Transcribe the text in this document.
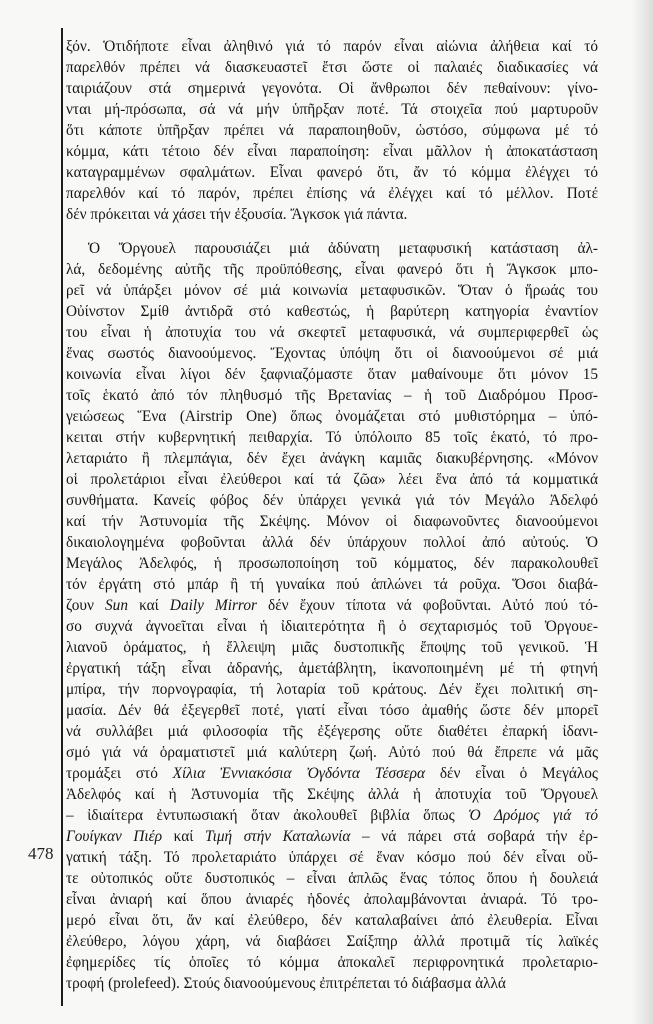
ξόν. Ὁτιδήποτε εἶναι ἀληθινό γιά τό παρόν εἶναι αἰώνια ἀλήθεια καί τό
παρελθόν πρέπει νά διασκευαστεῖ ἔτσι ὥστε οἱ παλαιές διαδικασίες νά
ταιριάζουν στά σημερινά γεγονότα. Οἱ ἄνθρωποι δέν πεθαίνουν: γίνο-
νται μή-πρόσωπα, σά νά μήν ὑπῆρξαν ποτέ. Τά στοιχεῖα πού μαρτυροῦν
ὅτι κάποτε ὑπῆρξαν πρέπει νά παραποιηθοῦν, ὡστόσο, σύμφωνα μέ τό
κόμμα, κάτι τέτοιο δέν εἶναι παραποίηση: εἶναι μᾶλλον ἡ ἀποκατάσταση
καταγραμμένων σφαλμάτων. Εἶναι φανερό ὅτι, ἄν τό κόμμα ἐλέγχει τό
παρελθόν καί τό παρόν, πρέπει ἐπίσης νά ἐλέγχει καί τό μέλλον. Ποτέ
δέν πρόκειται νά χάσει τήν ἐξουσία. Ἄγκσοκ γιά πάντα.
Ὁ Ὄργουελ παρουσιάζει μιά ἀδύνατη μεταφυσική κατάσταση ἀλ-
λά, δεδομένης αὐτῆς τῆς προϋπόθεσης, εἶναι φανερό ὅτι ἡ Ἄγκσοκ μπο-
ρεῖ νά ὑπάρξει μόνον σέ μιά κοινωνία μεταφυσικῶν. Ὅταν ὁ ἥρωάς του
Οὐίνστον Σμίθ ἀντιδρᾶ στό καθεστώς, ἡ βαρύτερη κατηγορία ἐναντίον
του εἶναι ἡ ἀποτυχία του νά σκεφτεῖ μεταφυσικά, νά συμπεριφερθεῖ ὡς
ἕνας σωστός διανοούμενος. Ἔχοντας ὑπόψη ὅτι οἱ διανοούμενοι σέ μιά
κοινωνία εἶναι λίγοι δέν ξαφνιαζόμαστε ὅταν μαθαίνουμε ὅτι μόνον 15
τοῖς ἑκατό ἀπό τόν πληθυσμό τῆς Βρετανίας – ἡ τοῦ Διαδρόμου Προσ-
γειώσεως Ἕνα (Airstrip One) ὅπως ὀνομάζεται στό μυθιστόρημα – ὑπό-
κειται στήν κυβερνητική πειθαρχία. Τό ὑπόλοιπο 85 τοῖς ἑκατό, τό προ-
λεταριάτο ἢ πλεμπάγια, δέν ἔχει ἀνάγκη καμιᾶς διακυβέρνησης. «Μόνον
οἱ προλετάριοι εἶναι ἐλεύθεροι καί τά ζῶα» λέει ἕνα ἀπό τά κομματικά
συνθήματα. Κανείς φόβος δέν ὑπάρχει γενικά γιά τόν Μεγάλο Ἀδελφό
καί τήν Ἀστυνομία τῆς Σκέψης. Μόνον οἱ διαφωνοῦντες διανοούμενοι
δικαιολογημένα φοβοῦνται ἀλλά δέν ὑπάρχουν πολλοί ἀπό αὐτούς. Ὁ
Μεγάλος Ἀδελφός, ἡ προσωποποίηση τοῦ κόμματος, δέν παρακολουθεῖ
τόν ἐργάτη στό μπάρ ἢ τή γυναίκα πού ἁπλώνει τά ροῦχα. Ὅσοι διαβά-
ζουν Sun καί Daily Mirror δέν ἔχουν τίποτα νά φοβοῦνται. Αὐτό πού τό-
σο συχνά ἀγνοεῖται εἶναι ἡ ἰδιαιτερότητα ἢ ὁ σεχταρισμός τοῦ Ὀργουε-
λιανοῦ ὁράματος, ἡ ἔλλειψη μιᾶς δυστοπικῆς ἔποψης τοῦ γενικοῦ. Ἡ
ἐργατική τάξη εἶναι ἀδρανής, ἀμετάβλητη, ἱκανοποιημένη μέ τή φτηνή
μπίρα, τήν πορνογραφία, τή λοταρία τοῦ κράτους. Δέν ἔχει πολιτική ση-
μασία. Δέν θά ἐξεγερθεῖ ποτέ, γιατί εἶναι τόσο ἀμαθής ὥστε δέν μπορεῖ
νά συλλάβει μιά φιλοσοφία τῆς ἐξέγερσης οὔτε διαθέτει ἐπαρκή ἰδανι-
σμό γιά νά ὁραματιστεῖ μιά καλύτερη ζωή. Αὐτό πού θά ἔπρεπε νά μᾶς
τρομάξει στό Χίλια Ἐννιακόσια Ὀγδόντα Τέσσερα δέν εἶναι ὁ Μεγάλος
Ἀδελφός καί ἡ Ἀστυνομία τῆς Σκέψης ἀλλά ἡ ἀποτυχία τοῦ Ὄργουελ
– ἰδιαίτερα ἐντυπωσιακή ὅταν ἀκολουθεῖ βιβλία ὅπως Ὁ Δρόμος γιά τό
Γουίγκαν Πιέρ καί Τιμή στήν Καταλωνία – νά πάρει στά σοβαρά τήν ἐρ-
γατική τάξη. Τό προλεταριάτο ὑπάρχει σέ ἕναν κόσμο πού δέν εἶναι οὔ-
τε οὐτοπικός οὔτε δυστοπικός – εἶναι ἁπλῶς ἕνας τόπος ὅπου ἡ δουλειά
εἶναι ἀνιαρή καί ὅπου ἀνιαρές ἡδονές ἀπολαμβάνονται ἀνιαρά. Τό τρο-
μερό εἶναι ὅτι, ἄν καί ἐλεύθερο, δέν καταλαβαίνει ἀπό ἐλευθερία. Εἶναι
ἐλεύθερο, λόγου χάρη, νά διαβάσει Σαίξπηρ ἀλλά προτιμᾶ τίς λαϊκές
ἐφημερίδες τίς ὁποῖες τό κόμμα ἀποκαλεῖ περιφρονητικά προλεταριο-
τροφή (prolefeed). Στούς διανοούμενους ἐπιτρέπεται τό διάβασμα ἀλλά
478
